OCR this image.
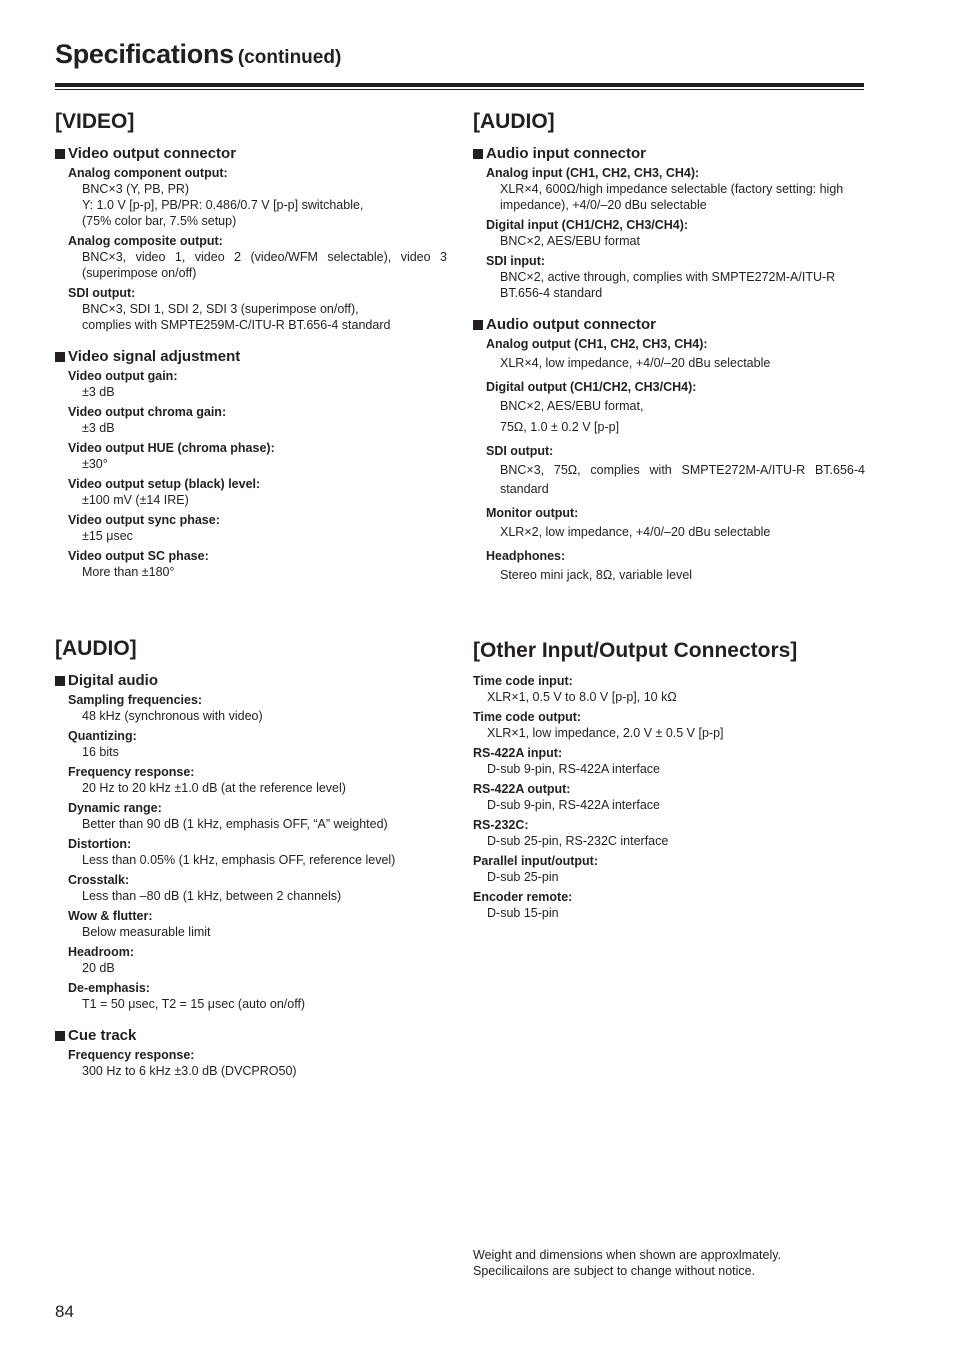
Specifications (continued)
[VIDEO]
Video output connector
Analog component output:
BNC×3 (Y, PB, PR)
Y: 1.0 V [p-p], PB/PR: 0.486/0.7 V [p-p] switchable,
(75% color bar, 7.5% setup)
Analog composite output:
BNC×3, video 1, video 2 (video/WFM selectable), video 3 (superimpose on/off)
SDI output:
BNC×3, SDI 1, SDI 2, SDI 3 (superimpose on/off),
complies with SMPTE259M-C/ITU-R BT.656-4 standard
Video signal adjustment
Video output gain:
±3 dB
Video output chroma gain:
±3 dB
Video output HUE (chroma phase):
±30°
Video output setup (black) level:
±100 mV (±14 IRE)
Video output sync phase:
±15 μsec
Video output SC phase:
More than ±180°
[AUDIO]
Audio input connector
Analog input (CH1, CH2, CH3, CH4):
XLR×4, 600Ω/high impedance selectable (factory setting: high impedance), +4/0/–20 dBu selectable
Digital input (CH1/CH2, CH3/CH4):
BNC×2, AES/EBU format
SDI input:
BNC×2, active through, complies with SMPTE272M-A/ITU-R BT.656-4 standard
Audio output connector
Analog output (CH1, CH2, CH3, CH4):
XLR×4, low impedance, +4/0/–20 dBu selectable
Digital output (CH1/CH2, CH3/CH4):
BNC×2, AES/EBU format,
75Ω, 1.0 ± 0.2 V [p-p]
SDI output:
BNC×3, 75Ω, complies with SMPTE272M-A/ITU-R BT.656-4 standard
Monitor output:
XLR×2, low impedance, +4/0/–20 dBu selectable
Headphones:
Stereo mini jack, 8Ω, variable level
[AUDIO]
Digital audio
Sampling frequencies:
48 kHz (synchronous with video)
Quantizing:
16 bits
Frequency response:
20 Hz to 20 kHz ±1.0 dB (at the reference level)
Dynamic range:
Better than 90 dB (1 kHz, emphasis OFF, “A” weighted)
Distortion:
Less than 0.05% (1 kHz, emphasis OFF, reference level)
Crosstalk:
Less than –80 dB (1 kHz, between 2 channels)
Wow & flutter:
Below measurable limit
Headroom:
20 dB
De-emphasis:
T1 = 50 μsec, T2 = 15 μsec (auto on/off)
Cue track
Frequency response:
300 Hz to 6 kHz ±3.0 dB (DVCPRO50)
[Other Input/Output Connectors]
Time code input:
XLR×1, 0.5 V to 8.0 V [p-p], 10 kΩ
Time code output:
XLR×1, low impedance, 2.0 V ± 0.5 V [p-p]
RS-422A input:
D-sub 9-pin, RS-422A interface
RS-422A output:
D-sub 9-pin, RS-422A interface
RS-232C:
D-sub 25-pin, RS-232C interface
Parallel input/output:
D-sub 25-pin
Encoder remote:
D-sub 15-pin
Weight and dimensions when shown are approxlmately.
Specilicailons are subject to change without notice.
84
